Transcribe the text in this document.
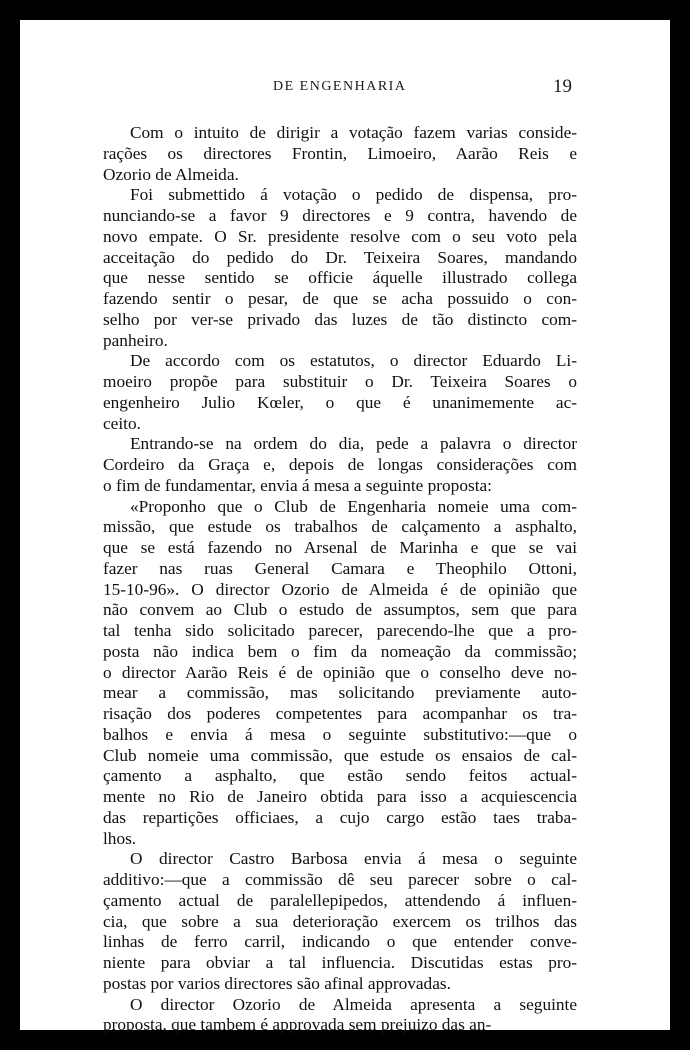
DE ENGENHARIA	19
Com o intuito de dirigir a votação fazem varias conside-
rações os directores Frontin, Limoeiro, Aarão Reis e
Ozorio de Almeida.
Foi submettido á votação o pedido de dispensa, pro-
nunciando-se a favor 9 directores e 9 contra, havendo de
novo empate. O Sr. presidente resolve com o seu voto pela
acceitação do pedido do Dr. Teixeira Soares, mandando
que nesse sentido se officie áquelle illustrado collega
fazendo sentir o pesar, de que se acha possuido o con-
selho por ver-se privado das luzes de tão distincto com-
panheiro.
De accordo com os estatutos, o director Eduardo Li-
moeiro propõe para substituir o Dr. Teixeira Soares o
engenheiro Julio Kœler, o que é unanimemente ac-
ceito.
Entrando-se na ordem do dia, pede a palavra o director
Cordeiro da Graça e, depois de longas considerações com
o fim de fundamentar, envia á mesa a seguinte proposta:
«Proponho que o Club de Engenharia nomeie uma com-
missão, que estude os trabalhos de calçamento a asphalto,
que se está fazendo no Arsenal de Marinha e que se vai
fazer nas ruas General Camara e Theophilo Ottoni,
15-10-96». O director Ozorio de Almeida é de opinião que
não convem ao Club o estudo de assumptos, sem que para
tal tenha sido solicitado parecer, parecendo-lhe que a pro-
posta não indica bem o fim da nomeação da commissão;
o director Aarão Reis é de opinião que o conselho deve no-
mear a commissão, mas solicitando previamente auto-
risação dos poderes competentes para acompanhar os tra-
balhos e envia á mesa o seguinte substitutivo:—que o
Club nomeie uma commissão, que estude os ensaios de cal-
çamento a asphalto, que estão sendo feitos actual-
mente no Rio de Janeiro obtida para isso a acquiescencia
das repartições officiaes, a cujo cargo estão taes traba-
lhos.
O director Castro Barbosa envia á mesa o seguinte
additivo:—que a commissão dê seu parecer sobre o cal-
çamento actual de paralellepipedos, attendendo á influen-
cia, que sobre a sua deterioração exercem os trilhos das
linhas de ferro carril, indicando o que entender conve-
niente para obviar a tal influencia. Discutidas estas pro-
postas por varios directores são afinal approvadas.
O director Ozorio de Almeida apresenta a seguinte
proposta, que tambem é approvada sem prejuizo das an-
